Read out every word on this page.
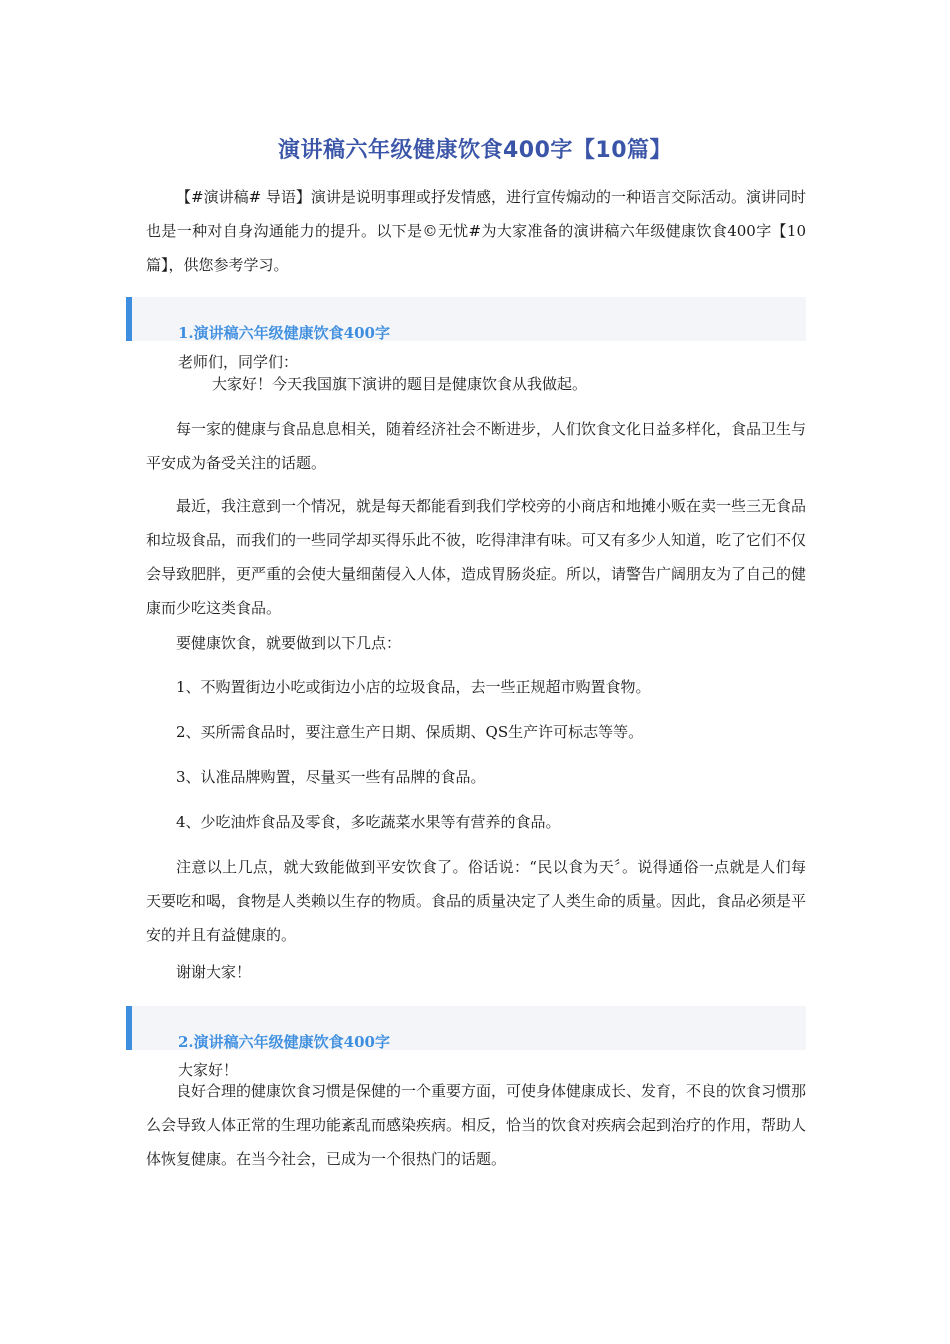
演讲稿六年级健康饮食400字【10篇】

【#演讲稿# 导语】演讲是说明事理或抒发情感，进行宣传煽动的一种语言交际活动。演讲同时也是一种对自身沟通能力的提升。以下是©无忧#为大家准备的演讲稿六年级健康饮食400字【10篇】，供您参考学习。

1.演讲稿六年级健康饮食400字
老师们，同学们：
大家好！今天我国旗下演讲的题目是健康饮食从我做起。

每一家的健康与食品息息相关，随着经济社会不断进步，人们饮食文化日益多样化，食品卫生与平安成为备受关注的话题。

最近，我注意到一个情况，就是每天都能看到我们学校旁的小商店和地摊小贩在卖一些三无食品和垃圾食品，而我们的一些同学却买得乐此不彼，吃得津津有味。可又有多少人知道，吃了它们不仅会导致肥胖，更严重的会使大量细菌侵入人体，造成胃肠炎症。所以，请警告广阔朋友为了自己的健康而少吃这类食品。

要健康饮食，就要做到以下几点：

1、不购置街边小吃或街边小店的垃圾食品，去一些正规超市购置食物。

2、买所需食品时，要注意生产日期、保质期、QS生产许可标志等等。

3、认准品牌购置，尽量买一些有品牌的食品。

4、少吃油炸食品及零食，多吃蔬菜水果等有营养的食品。

注意以上几点，就大致能做到平安饮食了。俗话说：“民以食为天〞。说得通俗一点就是人们每天要吃和喝，食物是人类赖以生存的物质。食品的质量决定了人类生命的质量。因此，食品必须是平安的并且有益健康的。

谢谢大家！

2.演讲稿六年级健康饮食400字
大家好！

良好合理的健康饮食习惯是保健的一个重要方面，可使身体健康成长、发育，不良的饮食习惯那么会导致人体正常的生理功能紊乱而感染疾病。相反，恰当的饮食对疾病会起到治疗的作用，帮助人体恢复健康。在当今社会，已成为一个很热门的话题。
